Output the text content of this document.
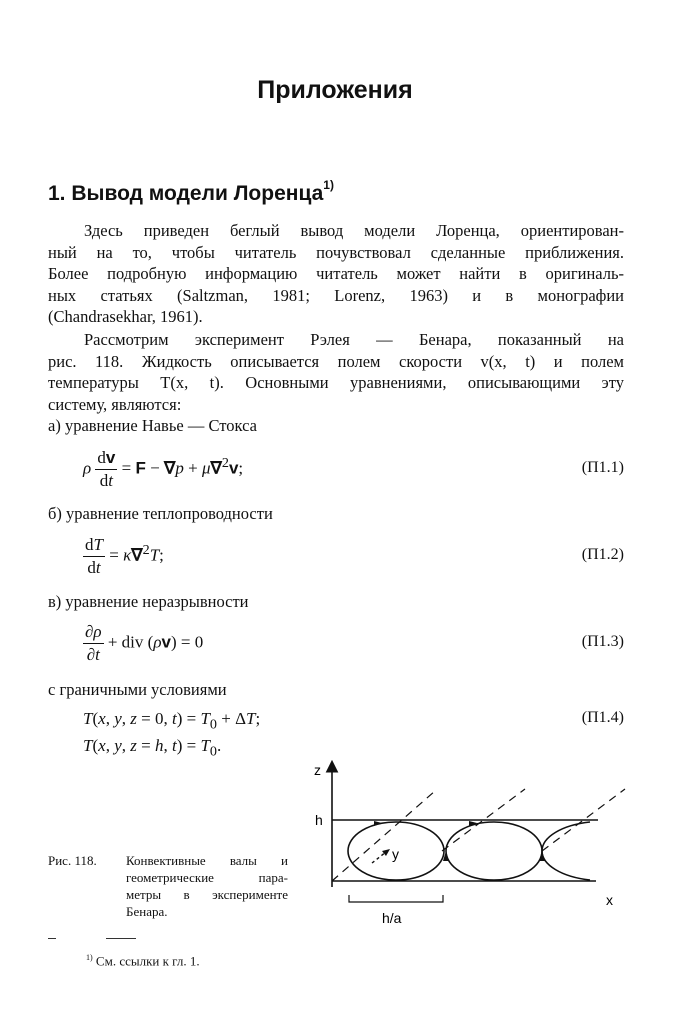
Приложения
1. Вывод модели Лоренца$^{1)}$
Здесь приведен беглый вывод модели Лоренца, ориентирован-
ный на то, чтобы читатель почувствовал сделанные приближения.
Более подробную информацию читатель может найти в оригиналь-
ных статьях (Saltzman, 1981; Lorenz, 1963) и в монографии
(Chandrasekhar, 1961).
Рассмотрим эксперимент Рэлея — Бенара, показанный на
рис. 118. Жидкость описывается полем скорости v(x, t) и полем
температуры T(x, t). Основными уравнениями, описывающими эту
систему, являются:
а) уравнение Навье — Стокса
ρ $\frac{dv}{dt} = F - \nabla p + \mu\nabla^2v$;	(П1.1)
б) уравнение теплопроводности
$\frac{dT}{dt} = \kappa\nabla^2T$;	(П1.2)
в) уравнение неразрывности
$\frac{\partial\rho}{\partial t}$ + div (ρv) = 0	(П1.3)
с граничными условиями
T(x, y, z = 0, $t) = T_0 + \Delta T$;
T(x, y, z = h, $t) = T_0$.
(П1.4)
z
x
h
y
h/a
Рис. 118. Конвективные валы и
геометрические пара-
метры в эксперименте
Бенара.
$^{1)}$ См. ссылки к гл. 1.
